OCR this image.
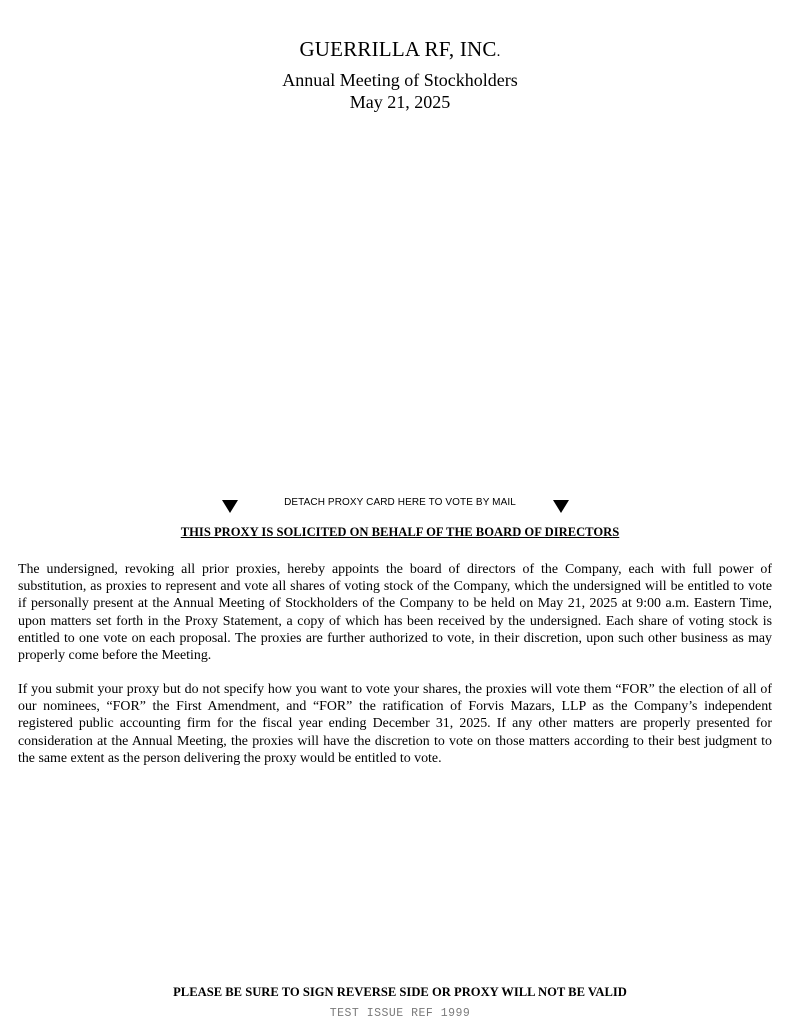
GUERRILLA RF, INC.
Annual Meeting of Stockholders
May 21, 2025
DETACH PROXY CARD HERE TO VOTE BY MAIL
THIS PROXY IS SOLICITED ON BEHALF OF THE BOARD OF DIRECTORS
The undersigned, revoking all prior proxies, hereby appoints the board of directors of the Company, each with full power of substitution, as proxies to represent and vote all shares of voting stock of the Company, which the undersigned will be entitled to vote if personally present at the Annual Meeting of Stockholders of the Company to be held on May 21, 2025 at 9:00 a.m. Eastern Time, upon matters set forth in the Proxy Statement, a copy of which has been received by the undersigned. Each share of voting stock is entitled to one vote on each proposal. The proxies are further authorized to vote, in their discretion, upon such other business as may properly come before the Meeting.
If you submit your proxy but do not specify how you want to vote your shares, the proxies will vote them “FOR” the election of all of our nominees, “FOR” the First Amendment, and “FOR” the ratification of Forvis Mazars, LLP as the Company’s independent registered public accounting firm for the fiscal year ending December 31, 2025. If any other matters are properly presented for consideration at the Annual Meeting, the proxies will have the discretion to vote on those matters according to their best judgment to the same extent as the person delivering the proxy would be entitled to vote.
PLEASE BE SURE TO SIGN REVERSE SIDE OR PROXY WILL NOT BE VALID
TEST ISSUE REF 1999
